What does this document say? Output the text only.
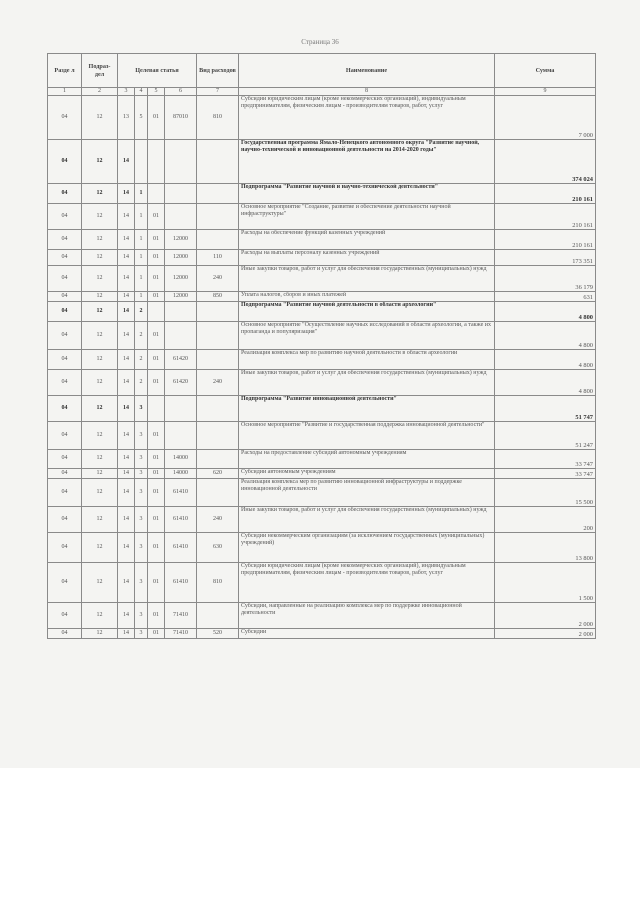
Страница 36
Разде л	Подраз- дел	Целевая статья				Вид расходов	Наименование	Сумма
1	2	3	4	5	6	7	8	9
04	12	13	5	01	87010	810	Субсидии юридическим лицам (кроме некоммерческих организаций), индивидуальным предпринимателям, физическим лицам - производителям товаров, работ, услуг	7 000
04	12	14					Государственная программа Ямало-Ненецкого автономного округа "Развитие научной, научно-технической и инновационной деятельности на 2014-2020 годы"	374 024
04	12	14	1				Подпрограмма "Развитие научной и научно-технической деятельности"	210 161
04	12	14	1	01			Основное мероприятие "Создание, развитие и обеспечение деятельности научной инфраструктуры"	210 161
04	12	14	1	01	12000		Расходы на обеспечение функций казенных учреждений	210 161
04	12	14	1	01	12000	110	Расходы на выплаты персоналу казенных учреждений	173 351
04	12	14	1	01	12000	240	Иные закупки товаров, работ и услуг для обеспечения государственных (муниципальных) нужд	36 179
04	12	14	1	01	12000	850	Уплата налогов, сборов и иных платежей	631
04	12	14	2				Подпрограмма "Развитие научной деятельности в области археологии"	4 800
04	12	14	2	01			Основное мероприятие "Осуществление научных исследований в области археологии, а также их пропаганда и популяризация"	4 800
04	12	14	2	01	61420		Реализация комплекса мер по развитию научной деятельности в области археологии	4 800
04	12	14	2	01	61420	240	Иные закупки товаров, работ и услуг для обеспечения государственных (муниципальных) нужд	4 800
04	12	14	3				Подпрограмма "Развитие инновационной деятельности"	51 747
04	12	14	3	01			Основное мероприятие "Развитие и государственная поддержка инновационной деятельности"	51 247
04	12	14	3	01	14000		Расходы на предоставление субсидий автономным учреждениям	33 747
04	12	14	3	01	14000	620	Субсидии автономным учреждениям	33 747
04	12	14	3	01	61410		Реализация комплекса мер по развитию инновационной инфраструктуры и поддержке инновационной деятельности	15 500
04	12	14	3	01	61410	240	Иные закупки товаров, работ и услуг для обеспечения государственных (муниципальных) нужд	200
04	12	14	3	01	61410	630	Субсидии некоммерческим организациям (за исключением государственных (муниципальных) учреждений)	13 800
04	12	14	3	01	61410	810	Субсидии юридическим лицам (кроме некоммерческих организаций), индивидуальным предпринимателям, физическим лицам - производителям товаров, работ, услуг	1 500
04	12	14	3	01	71410		Субсидии, направленные на реализацию комплекса мер по поддержке инновационной деятельности	2 000
04	12	14	3	01	71410	520	Субсидии	2 000
